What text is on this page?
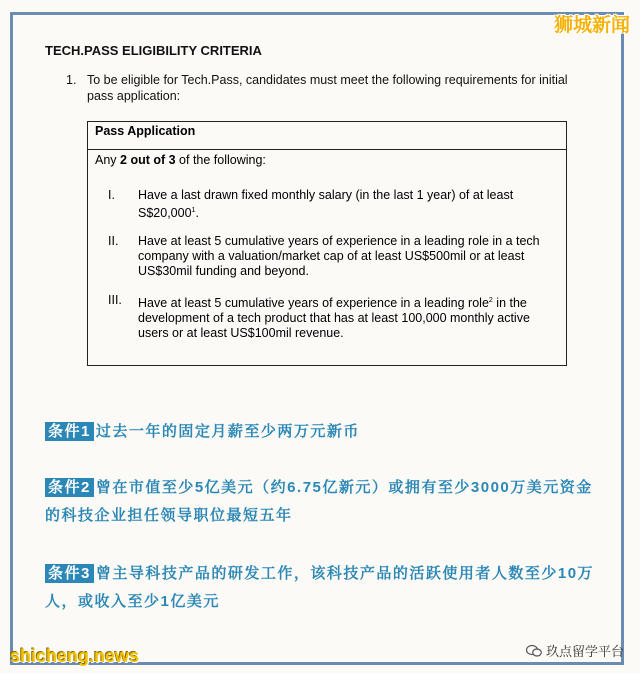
狮城新闻
TECH.PASS ELIGIBILITY CRITERIA
1. To be eligible for Tech.Pass, candidates must meet the following requirements for initial pass application:
Pass Application
Any 2 out of 3 of the following:
I. Have a last drawn fixed monthly salary (in the last 1 year) of at least S$20,000$^1$.
II. Have at least 5 cumulative years of experience in a leading role in a tech company with a valuation/market cap of at least US$500mil or at least US$30mil funding and beyond.
III. Have at least 5 cumulative years of experience in a leading role$^2$ in the development of a tech product that has at least 100,000 monthly active users or at least US$100mil revenue.
条件1 过去一年的固定月薪至少两万元新币
条件2 曾在市值至少5亿美元（约6.75亿新元）或拥有至少3000万美元资金的科技企业担任领导职位最短五年
条件3 曾主导科技产品的研发工作，该科技产品的活跃使用者人数至少10万人，或收入至少1亿美元
shicheng.news	玖点留学平台
